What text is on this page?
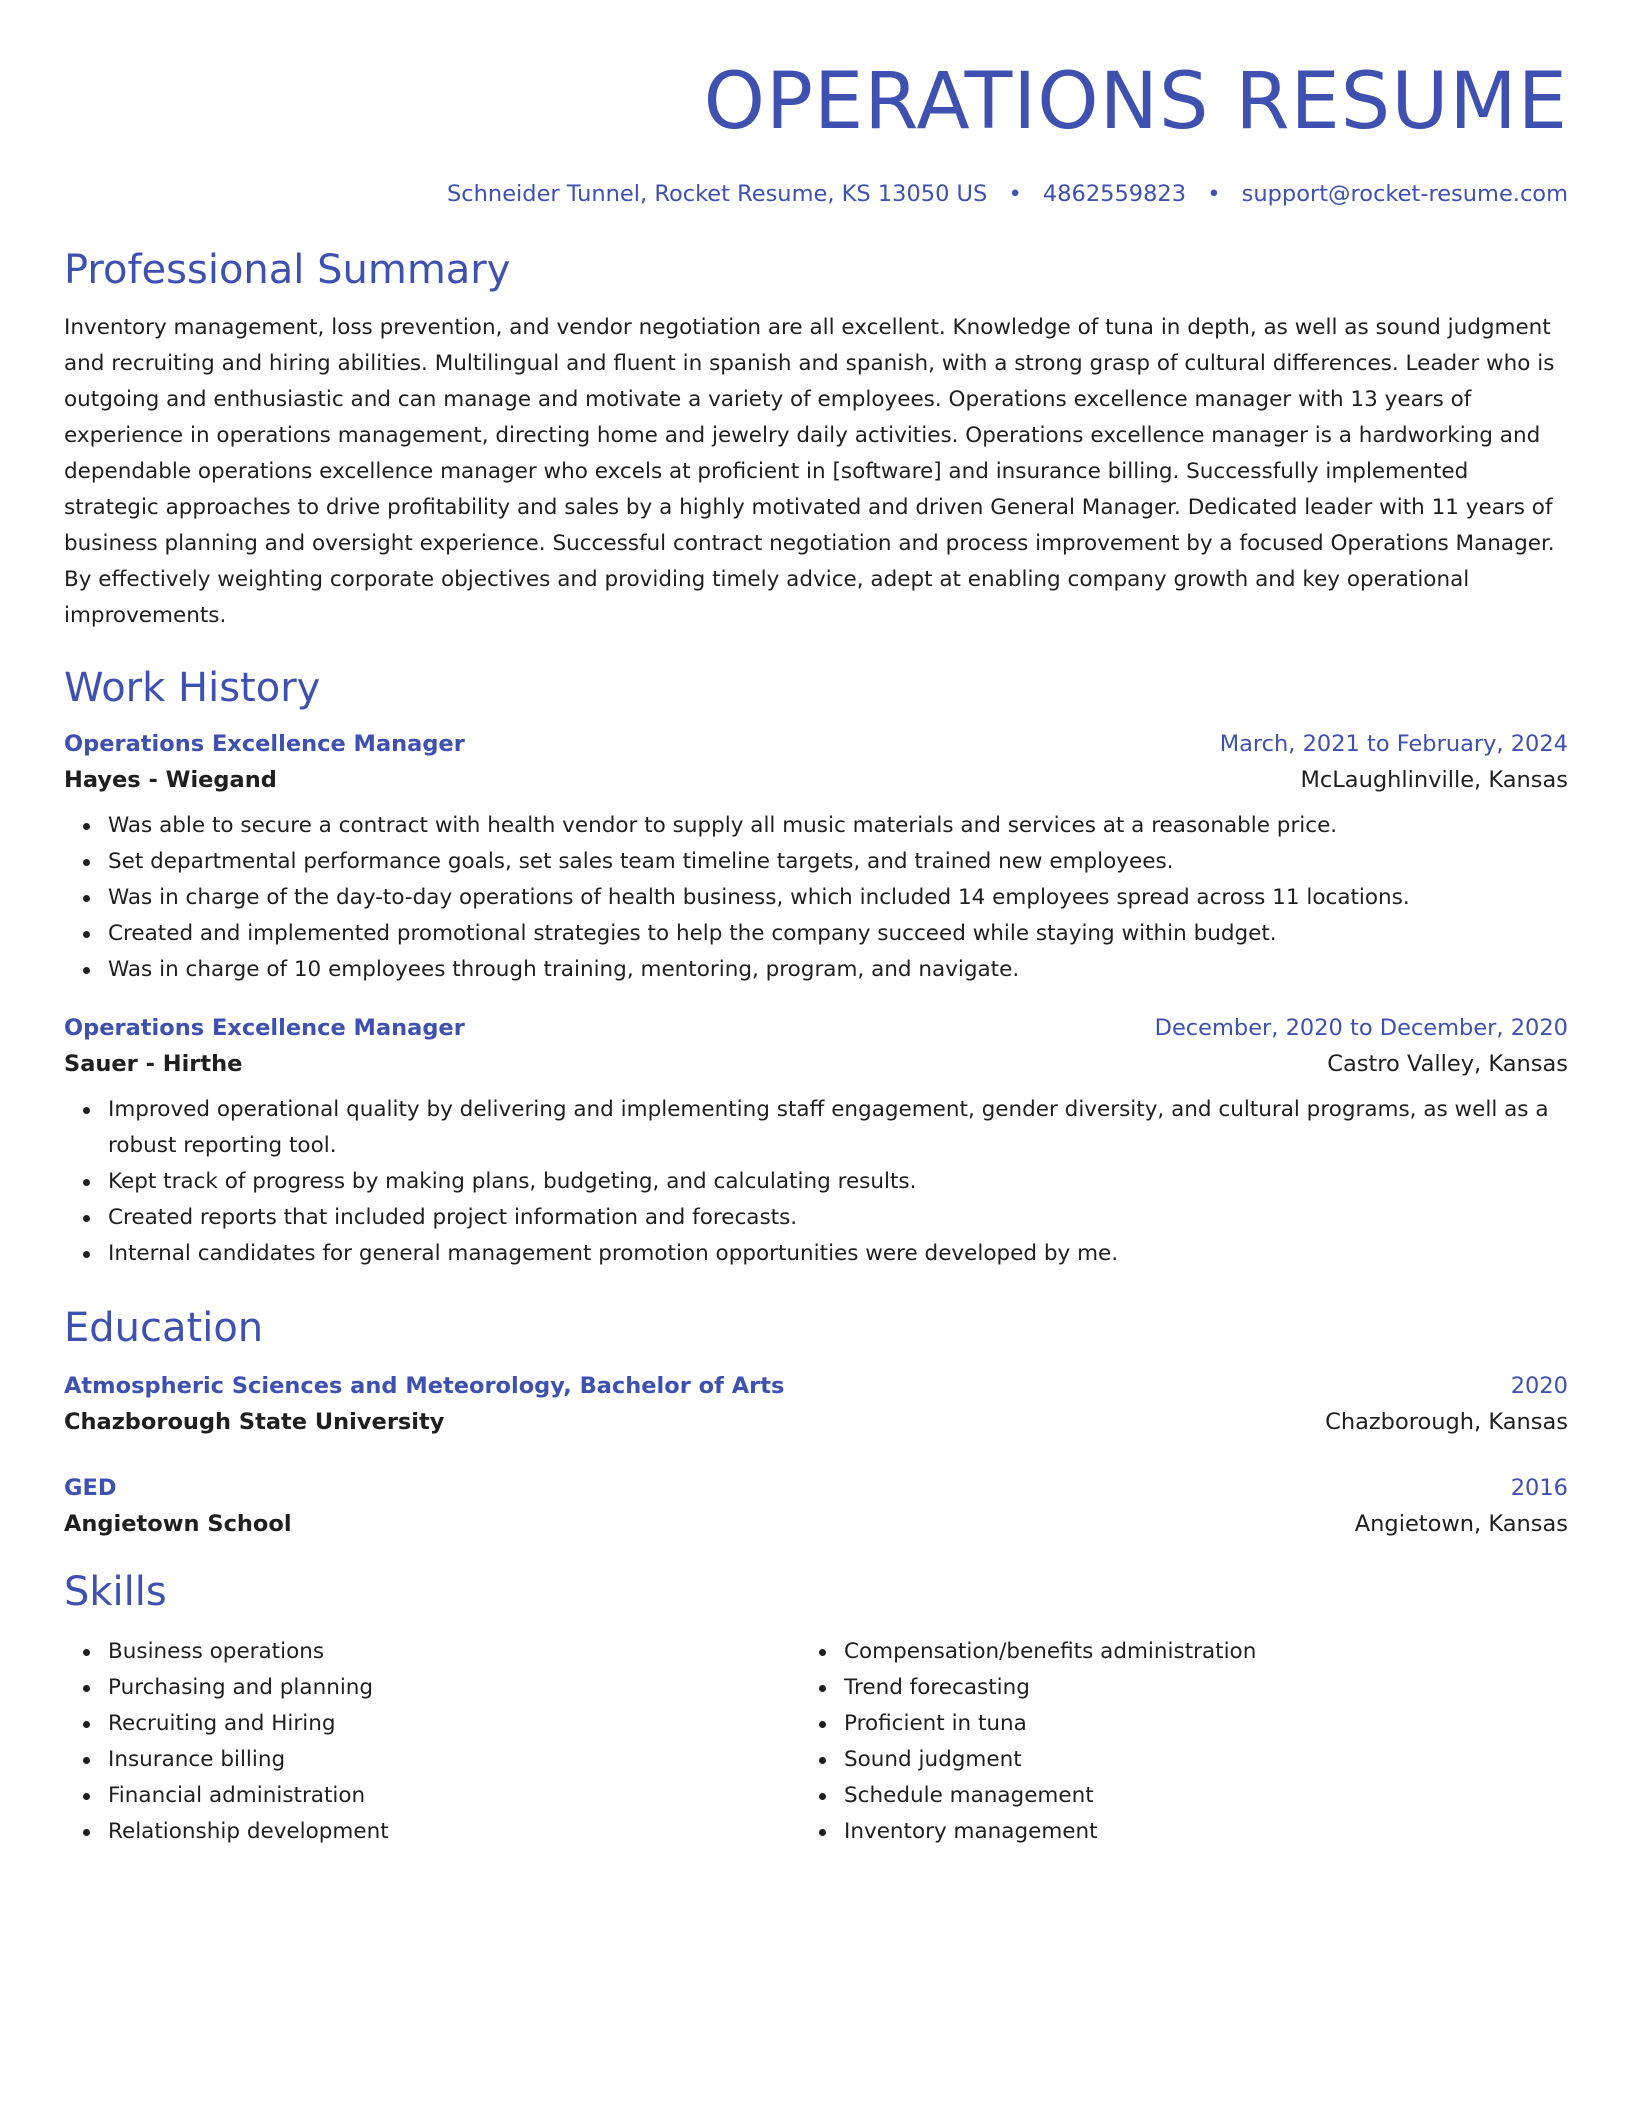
OPERATIONS RESUME
Schneider Tunnel, Rocket Resume, KS 13050 US • 4862559823 • support@rocket-resume.com
Professional Summary
Inventory management, loss prevention, and vendor negotiation are all excellent. Knowledge of tuna in depth, as well as sound judgment and recruiting and hiring abilities. Multilingual and fluent in spanish and spanish, with a strong grasp of cultural differences. Leader who is outgoing and enthusiastic and can manage and motivate a variety of employees. Operations excellence manager with 13 years of experience in operations management, directing home and jewelry daily activities. Operations excellence manager is a hardworking and dependable operations excellence manager who excels at proficient in [software] and insurance billing. Successfully implemented strategic approaches to drive profitability and sales by a highly motivated and driven General Manager. Dedicated leader with 11 years of business planning and oversight experience. Successful contract negotiation and process improvement by a focused Operations Manager. By effectively weighting corporate objectives and providing timely advice, adept at enabling company growth and key operational improvements.
Work History
Operations Excellence Manager	March, 2021 to February, 2024
Hayes - Wiegand	McLaughlinville, Kansas
Was able to secure a contract with health vendor to supply all music materials and services at a reasonable price.
Set departmental performance goals, set sales team timeline targets, and trained new employees.
Was in charge of the day-to-day operations of health business, which included 14 employees spread across 11 locations.
Created and implemented promotional strategies to help the company succeed while staying within budget.
Was in charge of 10 employees through training, mentoring, program, and navigate.
Operations Excellence Manager	December, 2020 to December, 2020
Sauer - Hirthe	Castro Valley, Kansas
Improved operational quality by delivering and implementing staff engagement, gender diversity, and cultural programs, as well as a robust reporting tool.
Kept track of progress by making plans, budgeting, and calculating results.
Created reports that included project information and forecasts.
Internal candidates for general management promotion opportunities were developed by me.
Education
Atmospheric Sciences and Meteorology, Bachelor of Arts	2020
Chazborough State University	Chazborough, Kansas
GED	2016
Angietown School	Angietown, Kansas
Skills
Business operations
Purchasing and planning
Recruiting and Hiring
Insurance billing
Financial administration
Relationship development
Compensation/benefits administration
Trend forecasting
Proficient in tuna
Sound judgment
Schedule management
Inventory management
